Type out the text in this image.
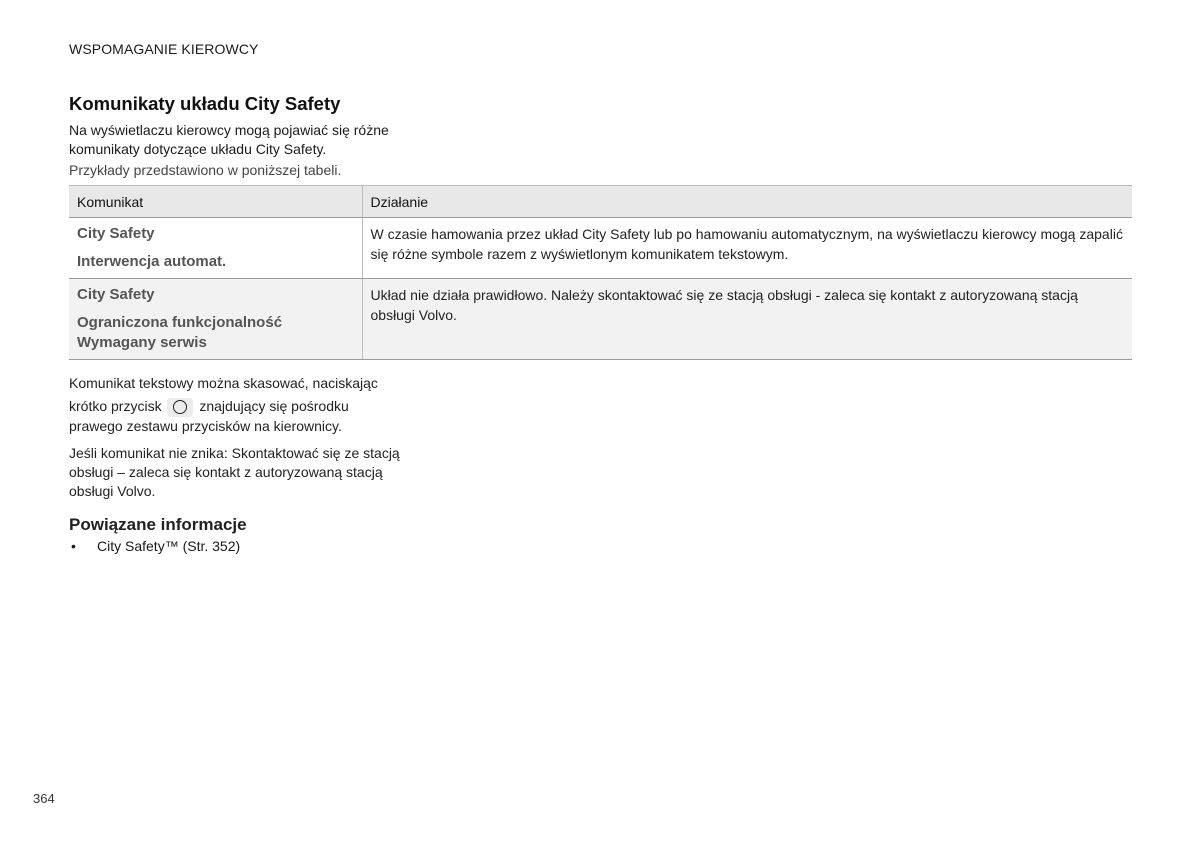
WSPOMAGANIE KIEROWCY
Komunikaty układu City Safety
Na wyświetlaczu kierowcy mogą pojawiać się różne komunikaty dotyczące układu City Safety.
Przykłady przedstawiono w poniższej tabeli.
Komunikat	Działanie

City Safety
Interwencja automat.	W czasie hamowania przez układ City Safety lub po hamowaniu automatycznym, na wyświetlaczu kierowcy mogą zapalić się różne symbole razem z wyświetlonym komunikatem tekstowym.

City Safety
Ograniczona funkcjonalność Wymagany serwis	Układ nie działa prawidłowo. Należy skontaktować się ze stacją obsługi - zaleca się kontakt z autoryzowaną stacją obsługi Volvo.
Komunikat tekstowy można skasować, naciskając
krótko przycisk	znajdujący się pośrodku prawego zestawu przycisków na kierownicy.
Jeśli komunikat nie znika: Skontaktować się ze stacją obsługi – zaleca się kontakt z autoryzowaną stacją obsługi Volvo.
Powiązane informacje
• City Safety™ (Str. 352)
364
